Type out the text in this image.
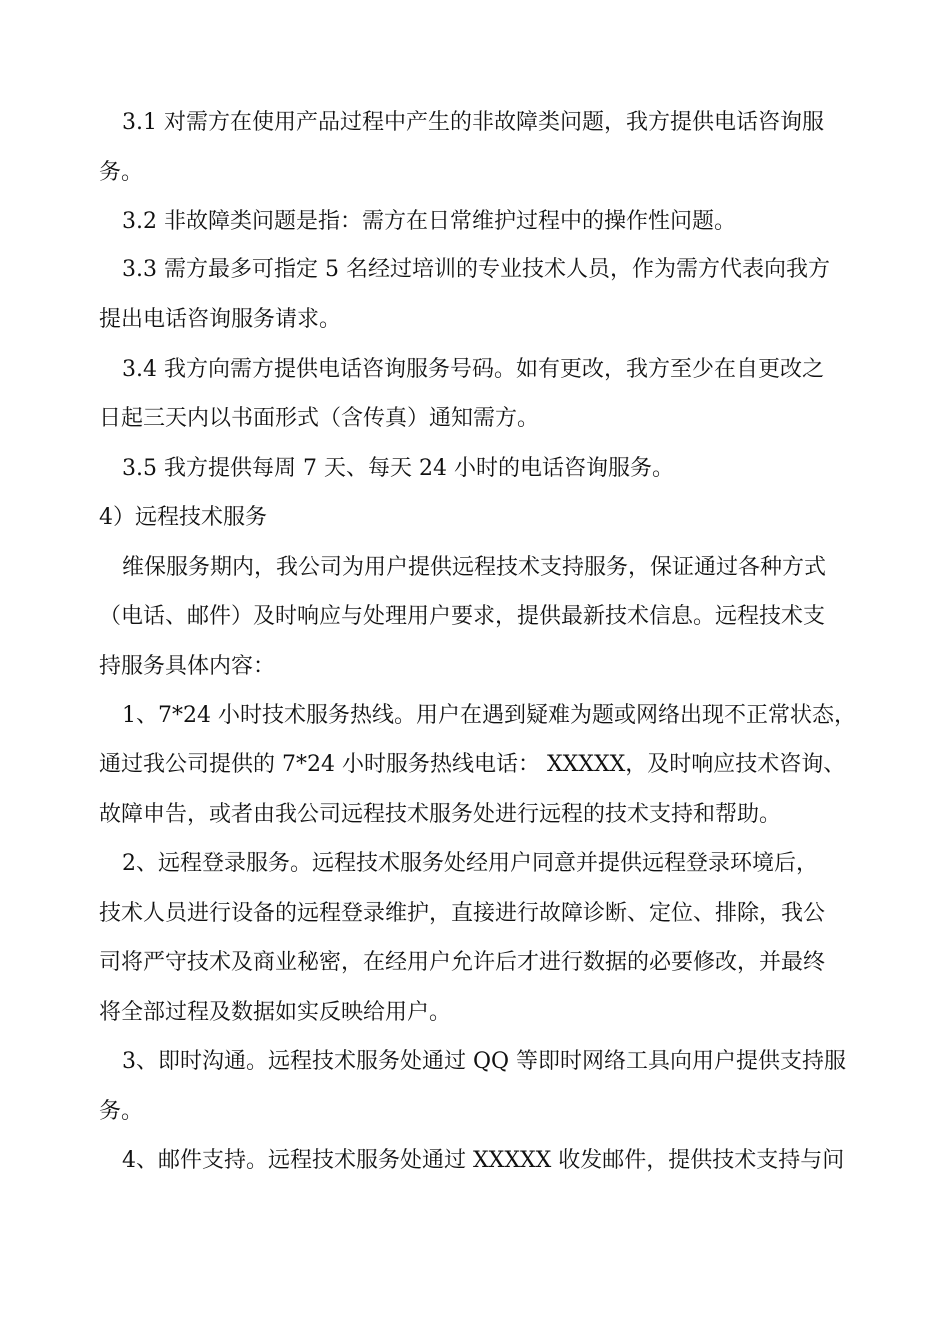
3.1 对需方在使用产品过程中产生的非故障类问题，我方提供电话咨询服
务。
3.2 非故障类问题是指：需方在日常维护过程中的操作性问题。
3.3 需方最多可指定 5 名经过培训的专业技术人员，作为需方代表向我方
提出电话咨询服务请求。
3.4 我方向需方提供电话咨询服务号码。如有更改，我方至少在自更改之
日起三天内以书面形式（含传真）通知需方。
3.5 我方提供每周 7 天、每天 24 小时的电话咨询服务。
4）远程技术服务
维保服务期内，我公司为用户提供远程技术支持服务，保证通过各种方式
（电话、邮件）及时响应与处理用户要求，提供最新技术信息。远程技术支
持服务具体内容：
1、7*24 小时技术服务热线。用户在遇到疑难为题或网络出现不正常状态，
通过我公司提供的 7*24 小时服务热线电话： XXXXX，及时响应技术咨询、
故障申告，或者由我公司远程技术服务处进行远程的技术支持和帮助。
2、远程登录服务。远程技术服务处经用户同意并提供远程登录环境后，
技术人员进行设备的远程登录维护，直接进行故障诊断、定位、排除，我公
司将严守技术及商业秘密，在经用户允许后才进行数据的必要修改，并最终
将全部过程及数据如实反映给用户。
3、即时沟通。远程技术服务处通过 QQ 等即时网络工具向用户提供支持服
务。
4、邮件支持。远程技术服务处通过 XXXXX 收发邮件，提供技术支持与问
